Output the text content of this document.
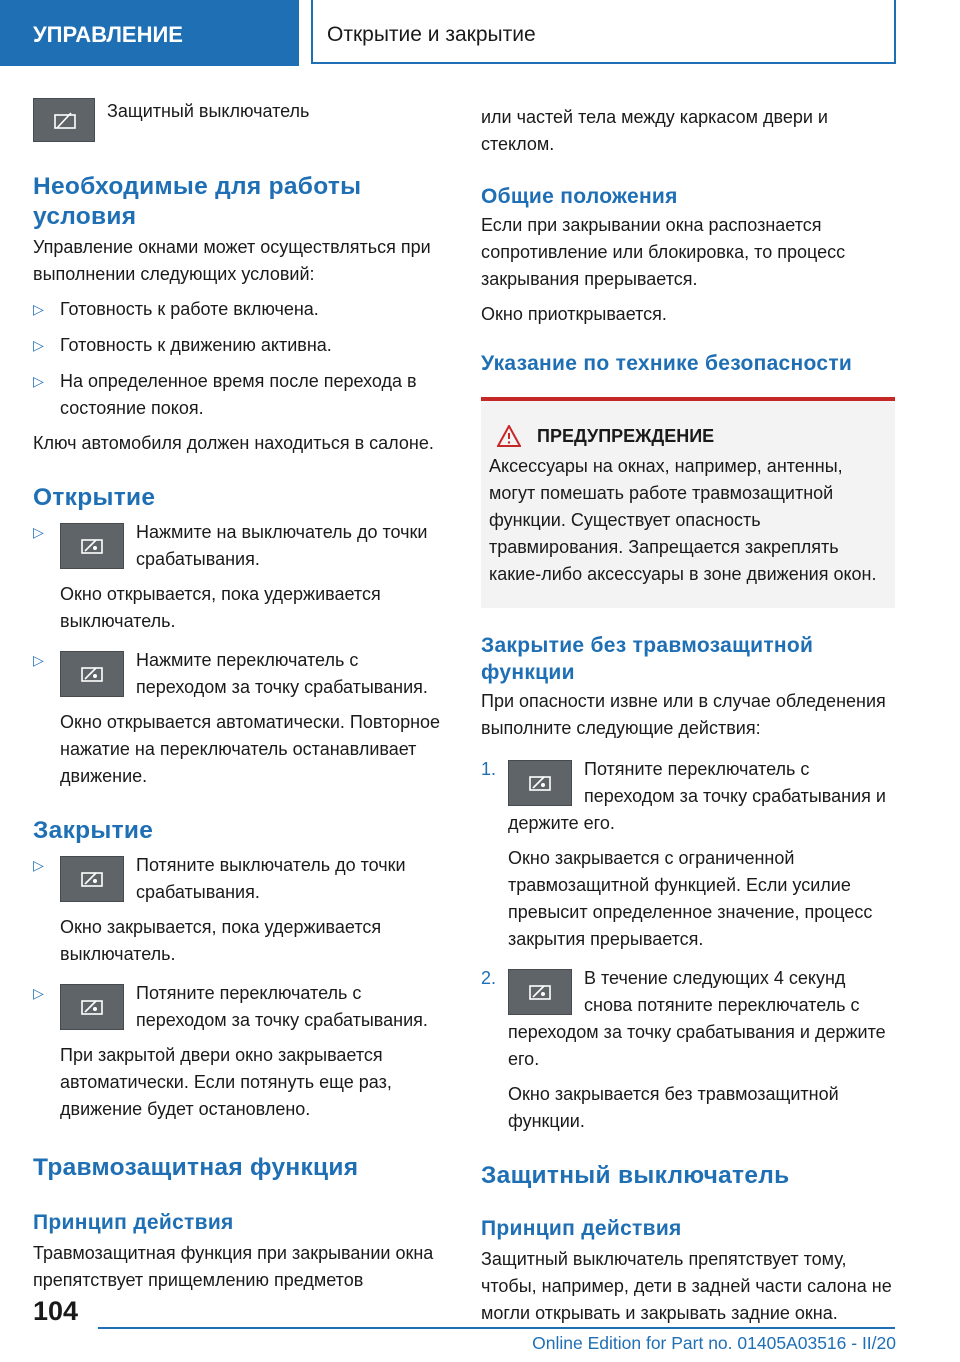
УПРАВЛЕНИЕ	Открытие и закрытие

Защитный выключатель

Необходимые для работы условия

Управление окнами может осуществляться при выполнении следующих условий:

▷ Готовность к работе включена.

▷ Готовность к движению активна.

▷ На определенное время после перехода в состояние покоя.

Ключ автомобиля должен находиться в салоне.

Открытие
▷	Нажмите на выключатель до точки срабатывания.

Окно открывается, пока удерживается выключатель.

▷	Нажмите переключатель с переходом за точку срабатывания.

Окно открывается автоматически. Повторное нажатие на переключатель останавливает движение.

Закрытие
▷	Потяните выключатель до точки срабатывания.

Окно закрывается, пока удерживается выключатель.

▷	Потяните переключатель с переходом за точку срабатывания.

При закрытой двери окно закрывается автоматически. Если потянуть еще раз, движение будет остановлено.

Травмозащитная функция
Принцип действия

Травмозащитная функция при закрывании окна препятствует прищемлению предметов

или частей тела между каркасом двери и стеклом.

Общие положения

Если при закрывании окна распознается сопротивление или блокировка, то процесс закрывания прерывается.

Окно приоткрывается.

Указание по технике безопасности
ПРЕДУПРЕЖДЕНИЕ

Аксессуары на окнах, например, антенны, могут помешать работе травмозащитной функции. Существует опасность травмирования. Запрещается закреплять какие-либо аксессуары в зоне движения окон.

Закрытие без травмозащитной функции

При опасности извне или в случае обледенения выполните следующие действия:

1.	Потяните переключатель с переходом за точку срабатывания и держите его.

Окно закрывается с ограниченной травмозащитной функцией. Если усилие превысит определенное значение, процесс закрытия прерывается.

2.	В течение следующих 4 секунд снова потяните переключатель с переходом за точку срабатывания и держите его.

Окно закрывается без травмозащитной функции.

Защитный выключатель
Принцип действия

Защитный выключатель препятствует тому, чтобы, например, дети в задней части салона не могли открывать и закрывать задние окна.

104
Online Edition for Part no. 01405A03516 - II/20
